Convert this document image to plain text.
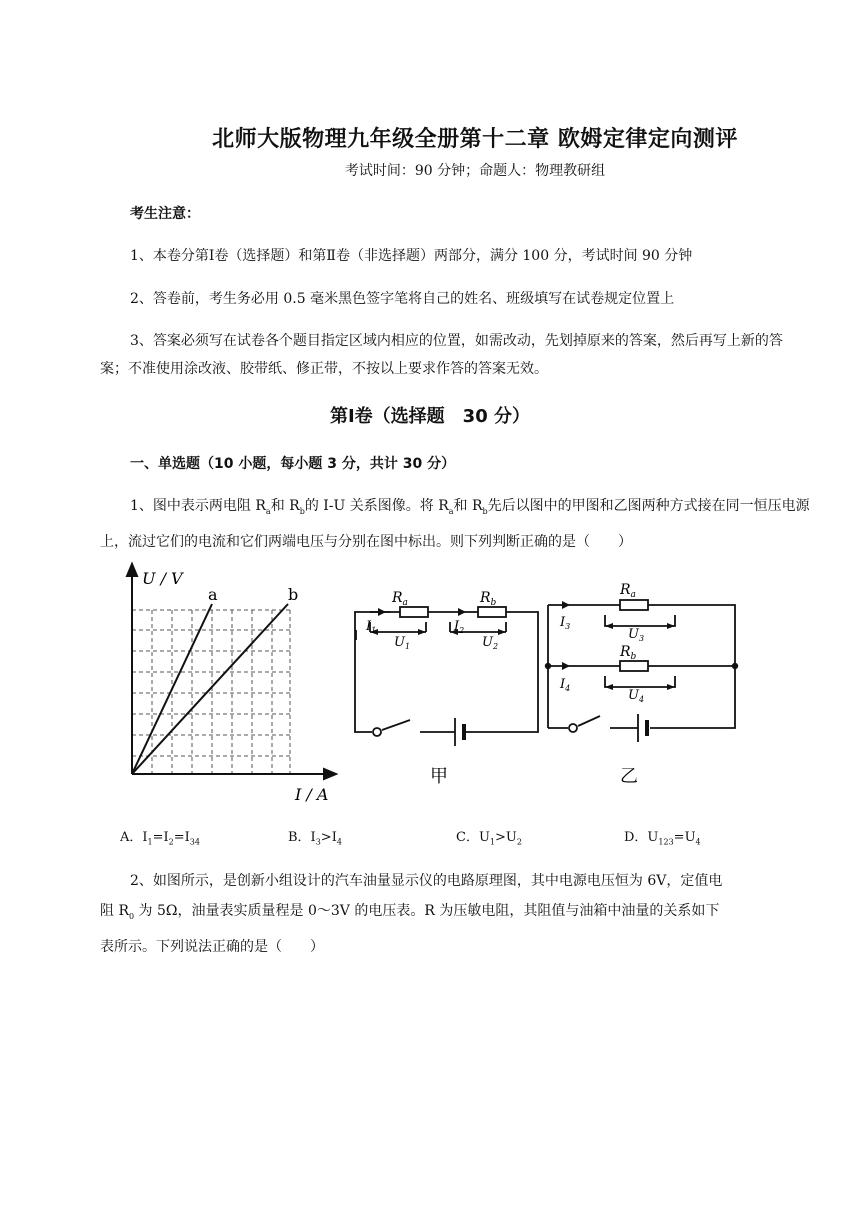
北师大版物理九年级全册第十二章 欧姆定律定向测评
考试时间：90 分钟；命题人：物理教研组
考生注意：
1、本卷分第Ⅰ卷（选择题）和第Ⅱ卷（非选择题）两部分，满分 100 分，考试时间 90 分钟
2、答卷前，考生务必用 0.5 毫米黑色签字笔将自己的姓名、班级填写在试卷规定位置上
3、答案必须写在试卷各个题目指定区域内相应的位置，如需改动，先划掉原来的答案，然后再写上新的答案；不准使用涂改液、胶带纸、修正带，不按以上要求作答的答案无效。
第Ⅰ卷（选择题　30 分）
一、单选题（10 小题，每小题 3 分，共计 30 分）
1、图中表示两电阻 $R_a$和 $R_b$的 I-U 关系图像。将 $R_a$和 $R_b$先后以图中的甲图和乙图两种方式接在同一恒压电源上，流过它们的电流和它们两端电压与分别在图中标出。则下列判断正确的是（　　）
U / V
I / A
a	b	$R_a$	$R_b$
$I_1$	$I_2$
$U_1$	$U_2$
甲
$R_a$
$R_b$
$I_3$
$I_4$
$U_3$
$U_4$
乙
A．$I_1=I_2=I_{34}$	B．$I_3>I_4$	C．$U_1>U_2$	D．$U_{123}=U_4$
2、如图所示，是创新小组设计的汽车油量显示仪的电路原理图，其中电源电压恒为 6V，定值电
阻 $R_0$ 为 5Ω，油量表实质量程是 0～3V 的电压表。R 为压敏电阻，其阻值与油箱中油量的关系如下
表所示。下列说法正确的是（　　）
